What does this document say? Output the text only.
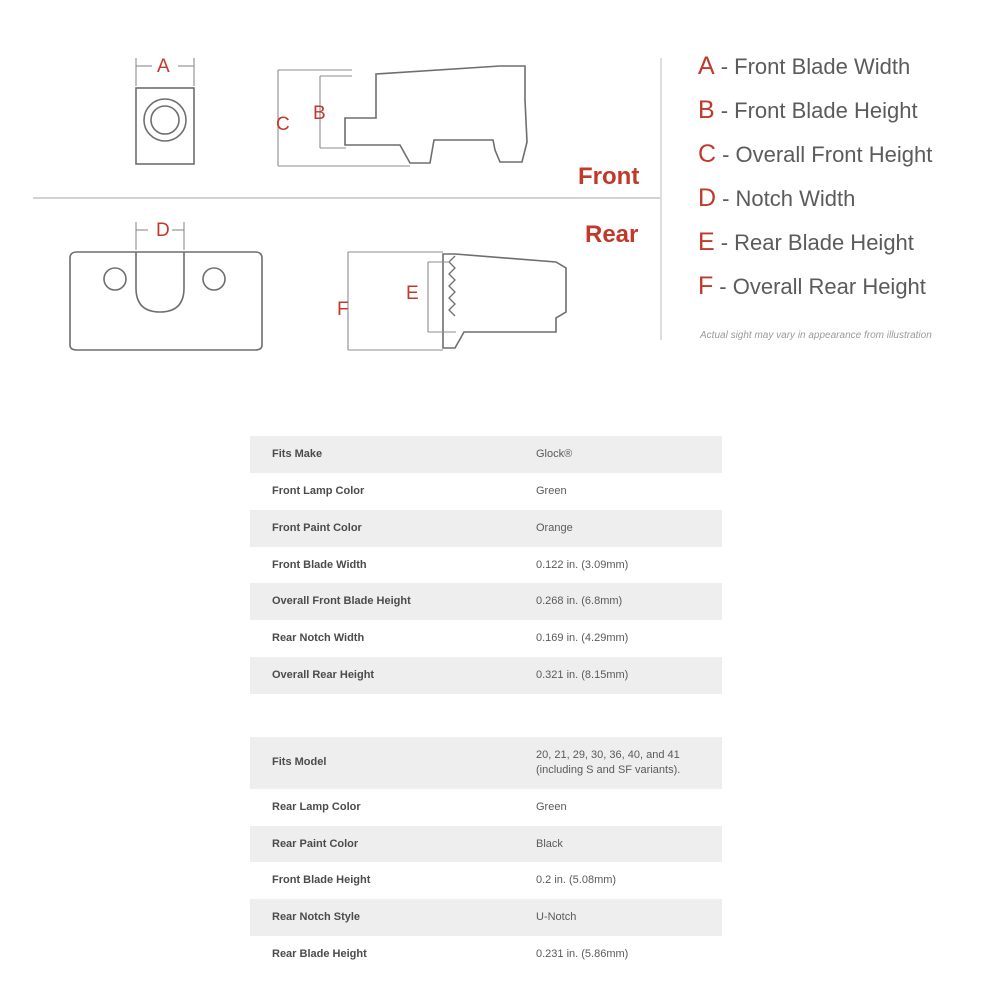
A
C
B
D
F
E
Front
Rear
A - Front Blade Width
B - Front Blade Height
C - Overall Front Height
D - Notch Width
E - Rear Blade Height
F - Overall Rear Height
Actual sight may vary in appearance from illustration
Fits Make	Glock®
Front Lamp Color	Green
Front Paint Color	Orange
Front Blade Width	0.122 in. (3.09mm)
Overall Front Blade Height	0.268 in. (6.8mm)
Rear Notch Width	0.169 in. (4.29mm)
Overall Rear Height	0.321 in. (8.15mm)
Fits Model	20, 21, 29, 30, 36, 40, and 41 (including S and SF variants).
Rear Lamp Color	Green
Rear Paint Color	Black
Front Blade Height	0.2 in. (5.08mm)
Rear Notch Style	U-Notch
Rear Blade Height	0.231 in. (5.86mm)
